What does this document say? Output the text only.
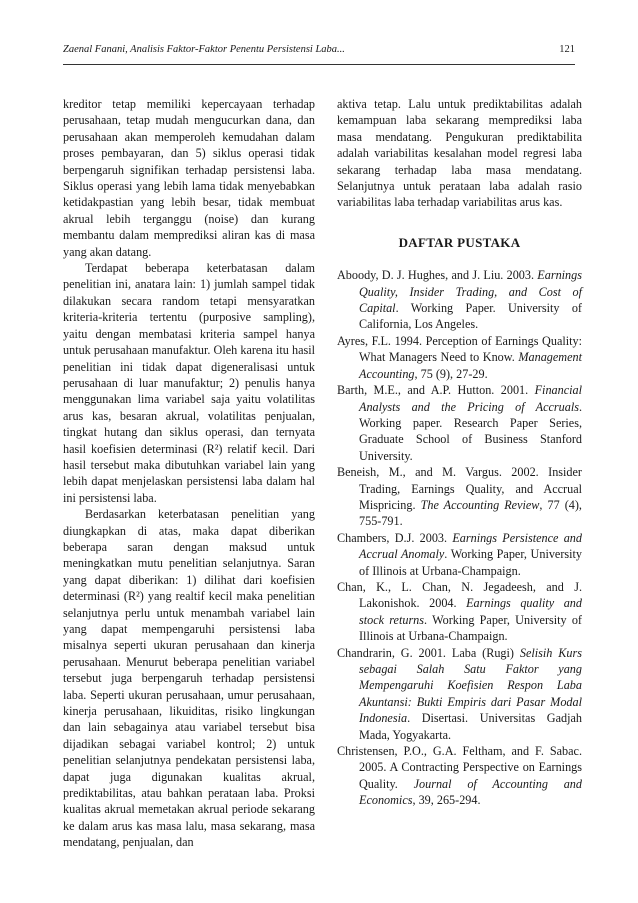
Zaenal Fanani, Analisis Faktor-Faktor Penentu Persistensi Laba...	121

kreditor tetap memiliki kepercayaan terhadap perusahaan, tetap mudah mengucurkan dana, dan perusahaan akan memperoleh kemudahan dalam proses pembayaran, dan 5) siklus operasi tidak berpengaruh signifikan terhadap persistensi laba. Siklus operasi yang lebih lama tidak menyebabkan ketidakpastian yang lebih besar, tidak membuat akrual lebih terganggu (noise) dan kurang membantu dalam memprediksi aliran kas di masa yang akan datang.

Terdapat beberapa keterbatasan dalam penelitian ini, anatara lain: 1) jumlah sampel tidak dilakukan secara random tetapi mensyaratkan kriteria-kriteria tertentu (purposive sampling), yaitu dengan membatasi kriteria sampel hanya untuk perusahaan manufaktur. Oleh karena itu hasil penelitian ini tidak dapat digeneralisasi untuk perusahaan di luar manufaktur; 2) penulis hanya menggunakan lima variabel saja yaitu volatilitas arus kas, besaran akrual, volatilitas penjualan, tingkat hutang dan siklus operasi, dan ternyata hasil koefisien determinasi (R²) relatif kecil. Dari hasil tersebut maka dibutuhkan variabel lain yang lebih dapat menjelaskan persistensi laba dalam hal ini persistensi laba.

Berdasarkan keterbatasan penelitian yang diungkapkan di atas, maka dapat diberikan beberapa saran dengan maksud untuk meningkatkan mutu penelitian selanjutnya. Saran yang dapat diberikan: 1) dilihat dari koefisien determinasi (R²) yang realtif kecil maka penelitian selanjutnya perlu untuk menambah variabel lain yang dapat mempengaruhi persistensi laba misalnya seperti ukuran perusahaan dan kinerja perusahaan. Menurut beberapa penelitian variabel tersebut juga berpengaruh terhadap persistensi laba. Seperti ukuran perusahaan, umur perusahaan, kinerja perusahaan, likuiditas, risiko lingkungan dan lain sebagainya atau variabel tersebut bisa dijadikan sebagai variabel kontrol; 2) untuk penelitian selanjutnya pendekatan persistensi laba, dapat juga digunakan kualitas akrual, prediktabilitas, atau bahkan perataan laba. Proksi kualitas akrual memetakan akrual periode sekarang ke dalam arus kas masa lalu, masa sekarang, masa mendatang, penjualan, dan

aktiva tetap. Lalu untuk prediktabilitas adalah kemampuan laba sekarang memprediksi laba masa mendatang. Pengukuran prediktabilita adalah variabilitas kesalahan model regresi laba sekarang terhadap laba masa mendatang. Selanjutnya untuk perataan laba adalah rasio variabilitas laba terhadap variabilitas arus kas.

DAFTAR PUSTAKA

Aboody, D. J. Hughes, and J. Liu. 2003. Earnings Quality, Insider Trading, and Cost of Capital. Working Paper. University of California, Los Angeles.

Ayres, F.L. 1994. Perception of Earnings Quality: What Managers Need to Know. Management Accounting, 75 (9), 27-29.

Barth, M.E., and A.P. Hutton. 2001. Financial Analysts and the Pricing of Accruals. Working paper. Research Paper Series, Graduate School of Business Stanford University.

Beneish, M., and M. Vargus. 2002. Insider Trading, Earnings Quality, and Accrual Mispricing. The Accounting Review, 77 (4), 755-791.

Chambers, D.J. 2003. Earnings Persistence and Accrual Anomaly. Working Paper, University of Illinois at Urbana-Champaign.

Chan, K., L. Chan, N. Jegadeesh, and J. Lakonishok. 2004. Earnings quality and stock returns. Working Paper, University of Illinois at Urbana-Champaign.

Chandrarin, G. 2001. Laba (Rugi) Selisih Kurs sebagai Salah Satu Faktor yang Mempengaruhi Koefisien Respon Laba Akuntansi: Bukti Empiris dari Pasar Modal Indonesia. Disertasi. Universitas Gadjah Mada, Yogyakarta.

Christensen, P.O., G.A. Feltham, and F. Sabac. 2005. A Contracting Perspective on Earnings Quality. Journal of Accounting and Economics, 39, 265-294.
